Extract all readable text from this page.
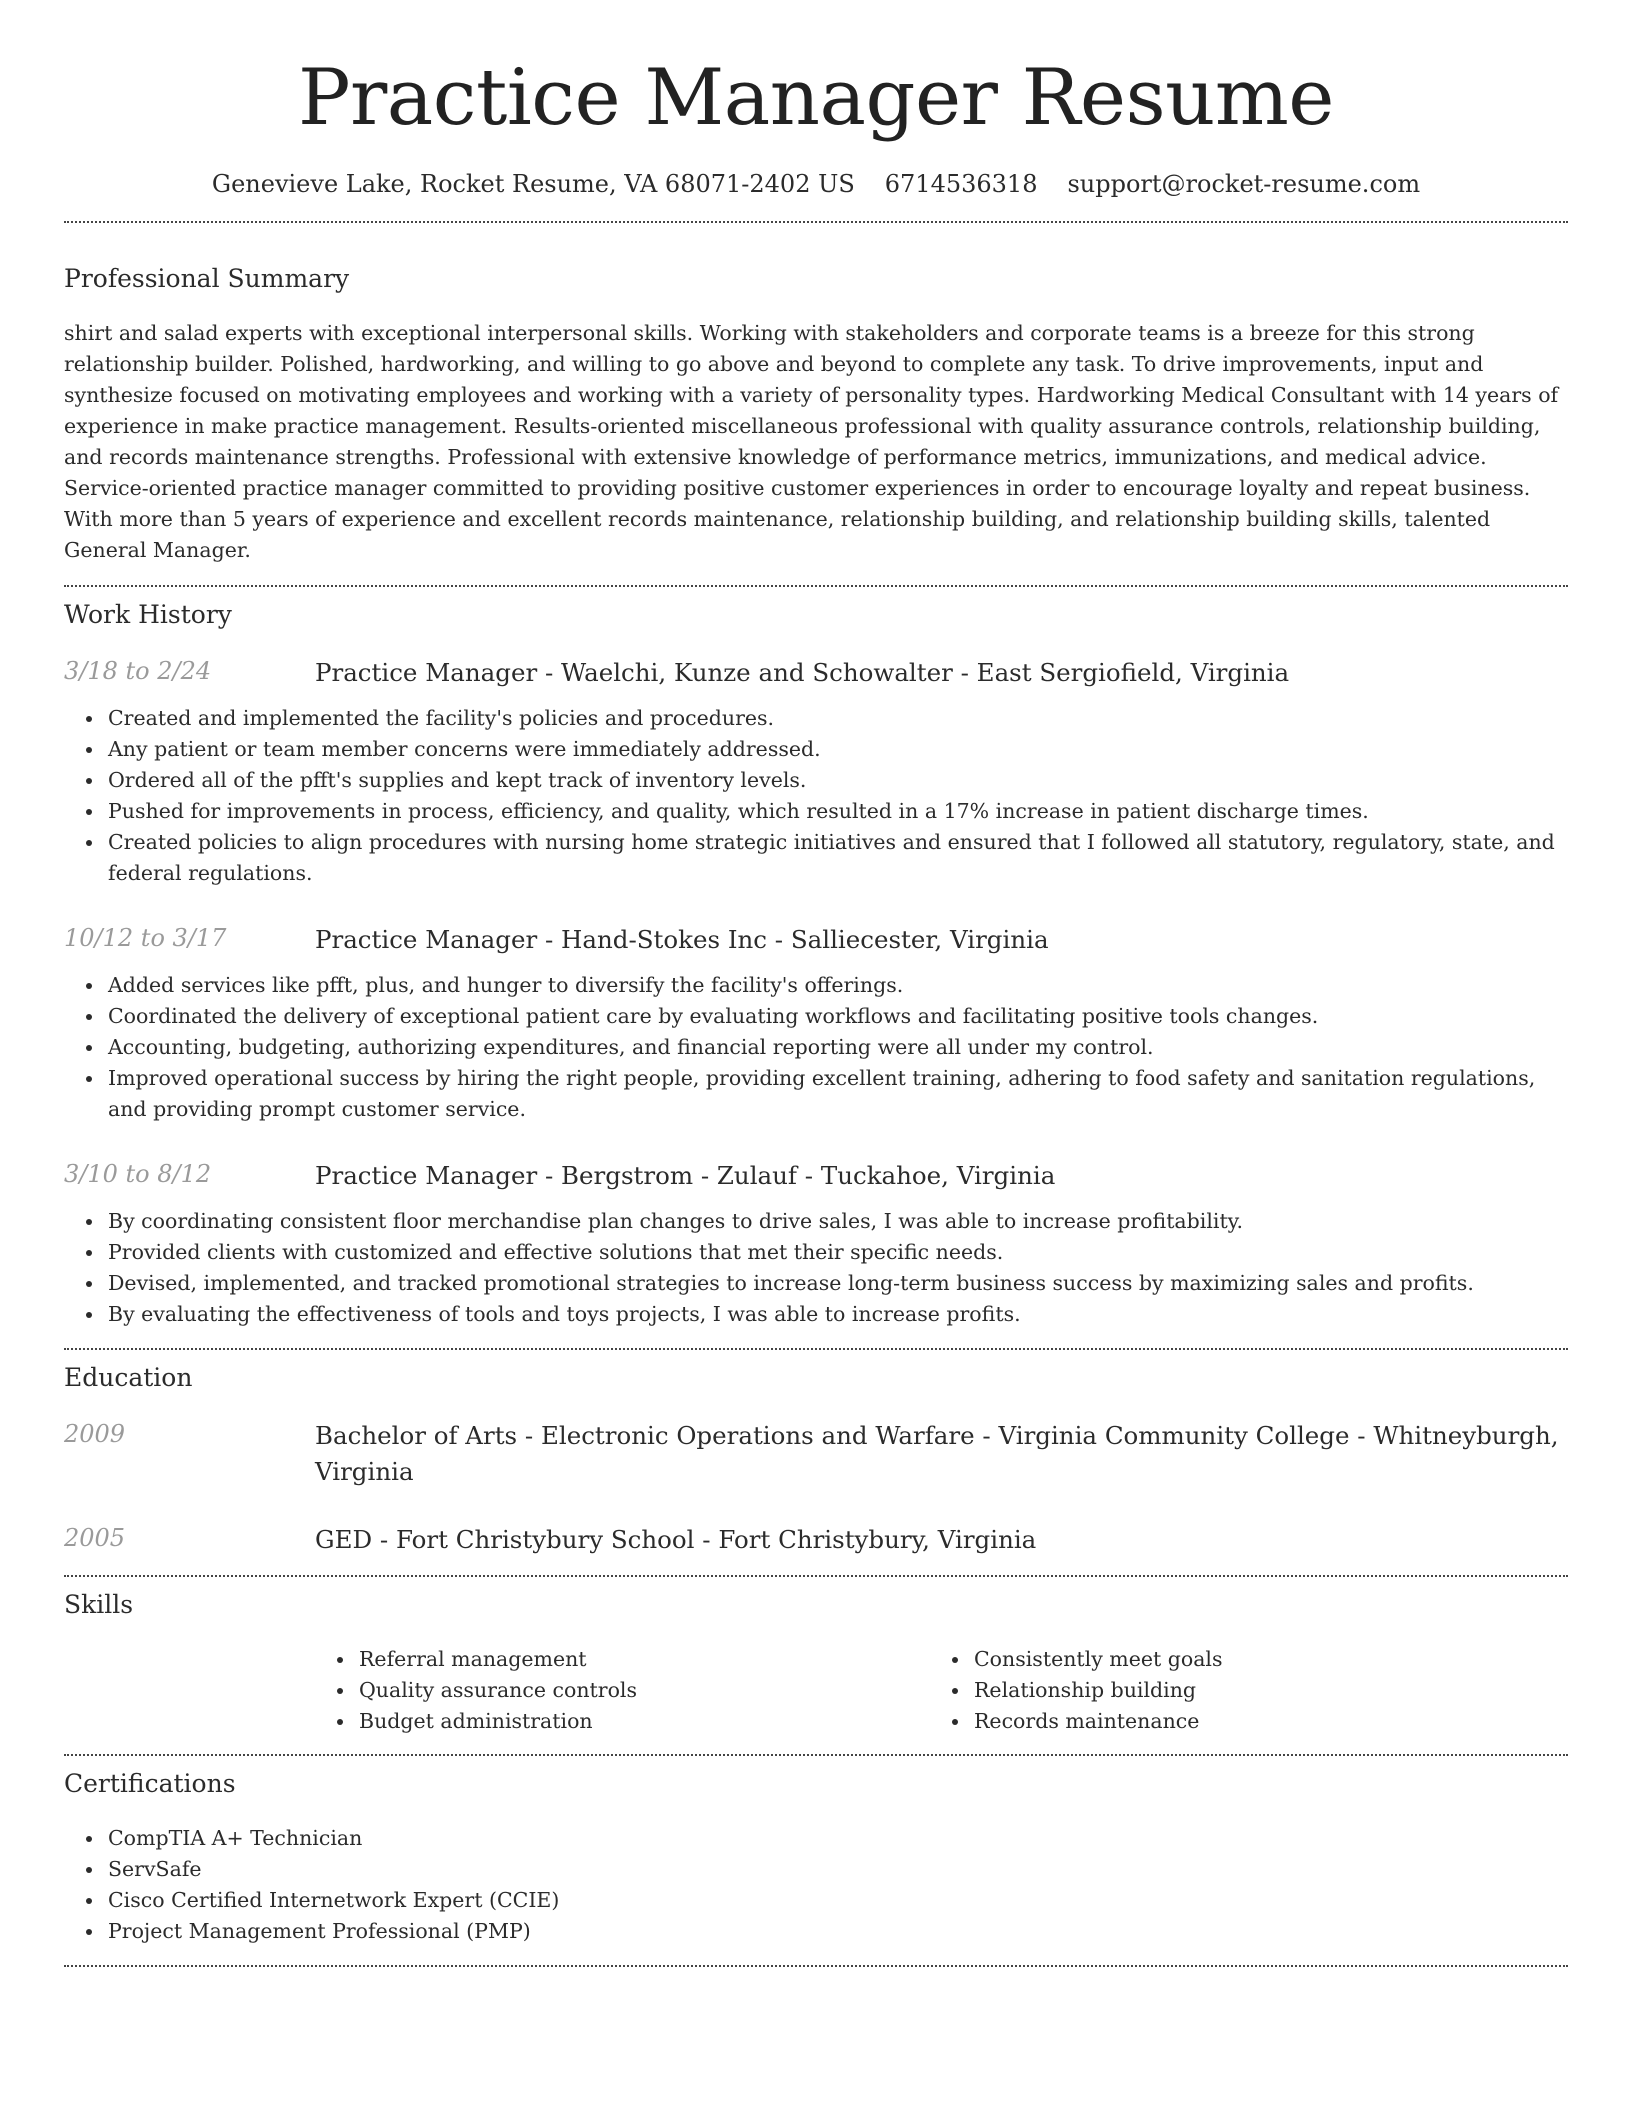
Practice Manager Resume
Genevieve Lake, Rocket Resume, VA 68071-2402 US 6714536318 support@rocket-resume.com
Professional Summary

shirt and salad experts with exceptional interpersonal skills. Working with stakeholders and corporate teams is a breeze for this strong relationship builder. Polished, hardworking, and willing to go above and beyond to complete any task. To drive improvements, input and synthesize focused on motivating employees and working with a variety of personality types. Hardworking Medical Consultant with 14 years of experience in make practice management. Results-oriented miscellaneous professional with quality assurance controls, relationship building, and records maintenance strengths. Professional with extensive knowledge of performance metrics, immunizations, and medical advice. Service-oriented practice manager committed to providing positive customer experiences in order to encourage loyalty and repeat business. With more than 5 years of experience and excellent records maintenance, relationship building, and relationship building skills, talented General Manager.

Work History
3/18 to 2/24	Practice Manager - Waelchi, Kunze and Schowalter - East Sergiofield, Virginia
Created and implemented the facility's policies and procedures.
Any patient or team member concerns were immediately addressed.
Ordered all of the pfft's supplies and kept track of inventory levels.
Pushed for improvements in process, efficiency, and quality, which resulted in a 17% increase in patient discharge times.
Created policies to align procedures with nursing home strategic initiatives and ensured that I followed all statutory, regulatory, state, and federal regulations.
10/12 to 3/17	Practice Manager - Hand-Stokes Inc - Salliecester, Virginia
Added services like pfft, plus, and hunger to diversify the facility's offerings.
Coordinated the delivery of exceptional patient care by evaluating workflows and facilitating positive tools changes.
Accounting, budgeting, authorizing expenditures, and financial reporting were all under my control.
Improved operational success by hiring the right people, providing excellent training, adhering to food safety and sanitation regulations, and providing prompt customer service.
3/10 to 8/12	Practice Manager - Bergstrom - Zulauf - Tuckahoe, Virginia
By coordinating consistent floor merchandise plan changes to drive sales, I was able to increase profitability.
Provided clients with customized and effective solutions that met their specific needs.
Devised, implemented, and tracked promotional strategies to increase long-term business success by maximizing sales and profits.
By evaluating the effectiveness of tools and toys projects, I was able to increase profits.
Education
2009	Bachelor of Arts - Electronic Operations and Warfare - Virginia Community College - Whitneyburgh, Virginia
2005	GED - Fort Christybury School - Fort Christybury, Virginia
Skills
Referral management
Quality assurance controls
Budget administration
Consistently meet goals
Relationship building
Records maintenance
Certifications
CompTIA A+ Technician
ServSafe
Cisco Certified Internetwork Expert (CCIE)
Project Management Professional (PMP)
